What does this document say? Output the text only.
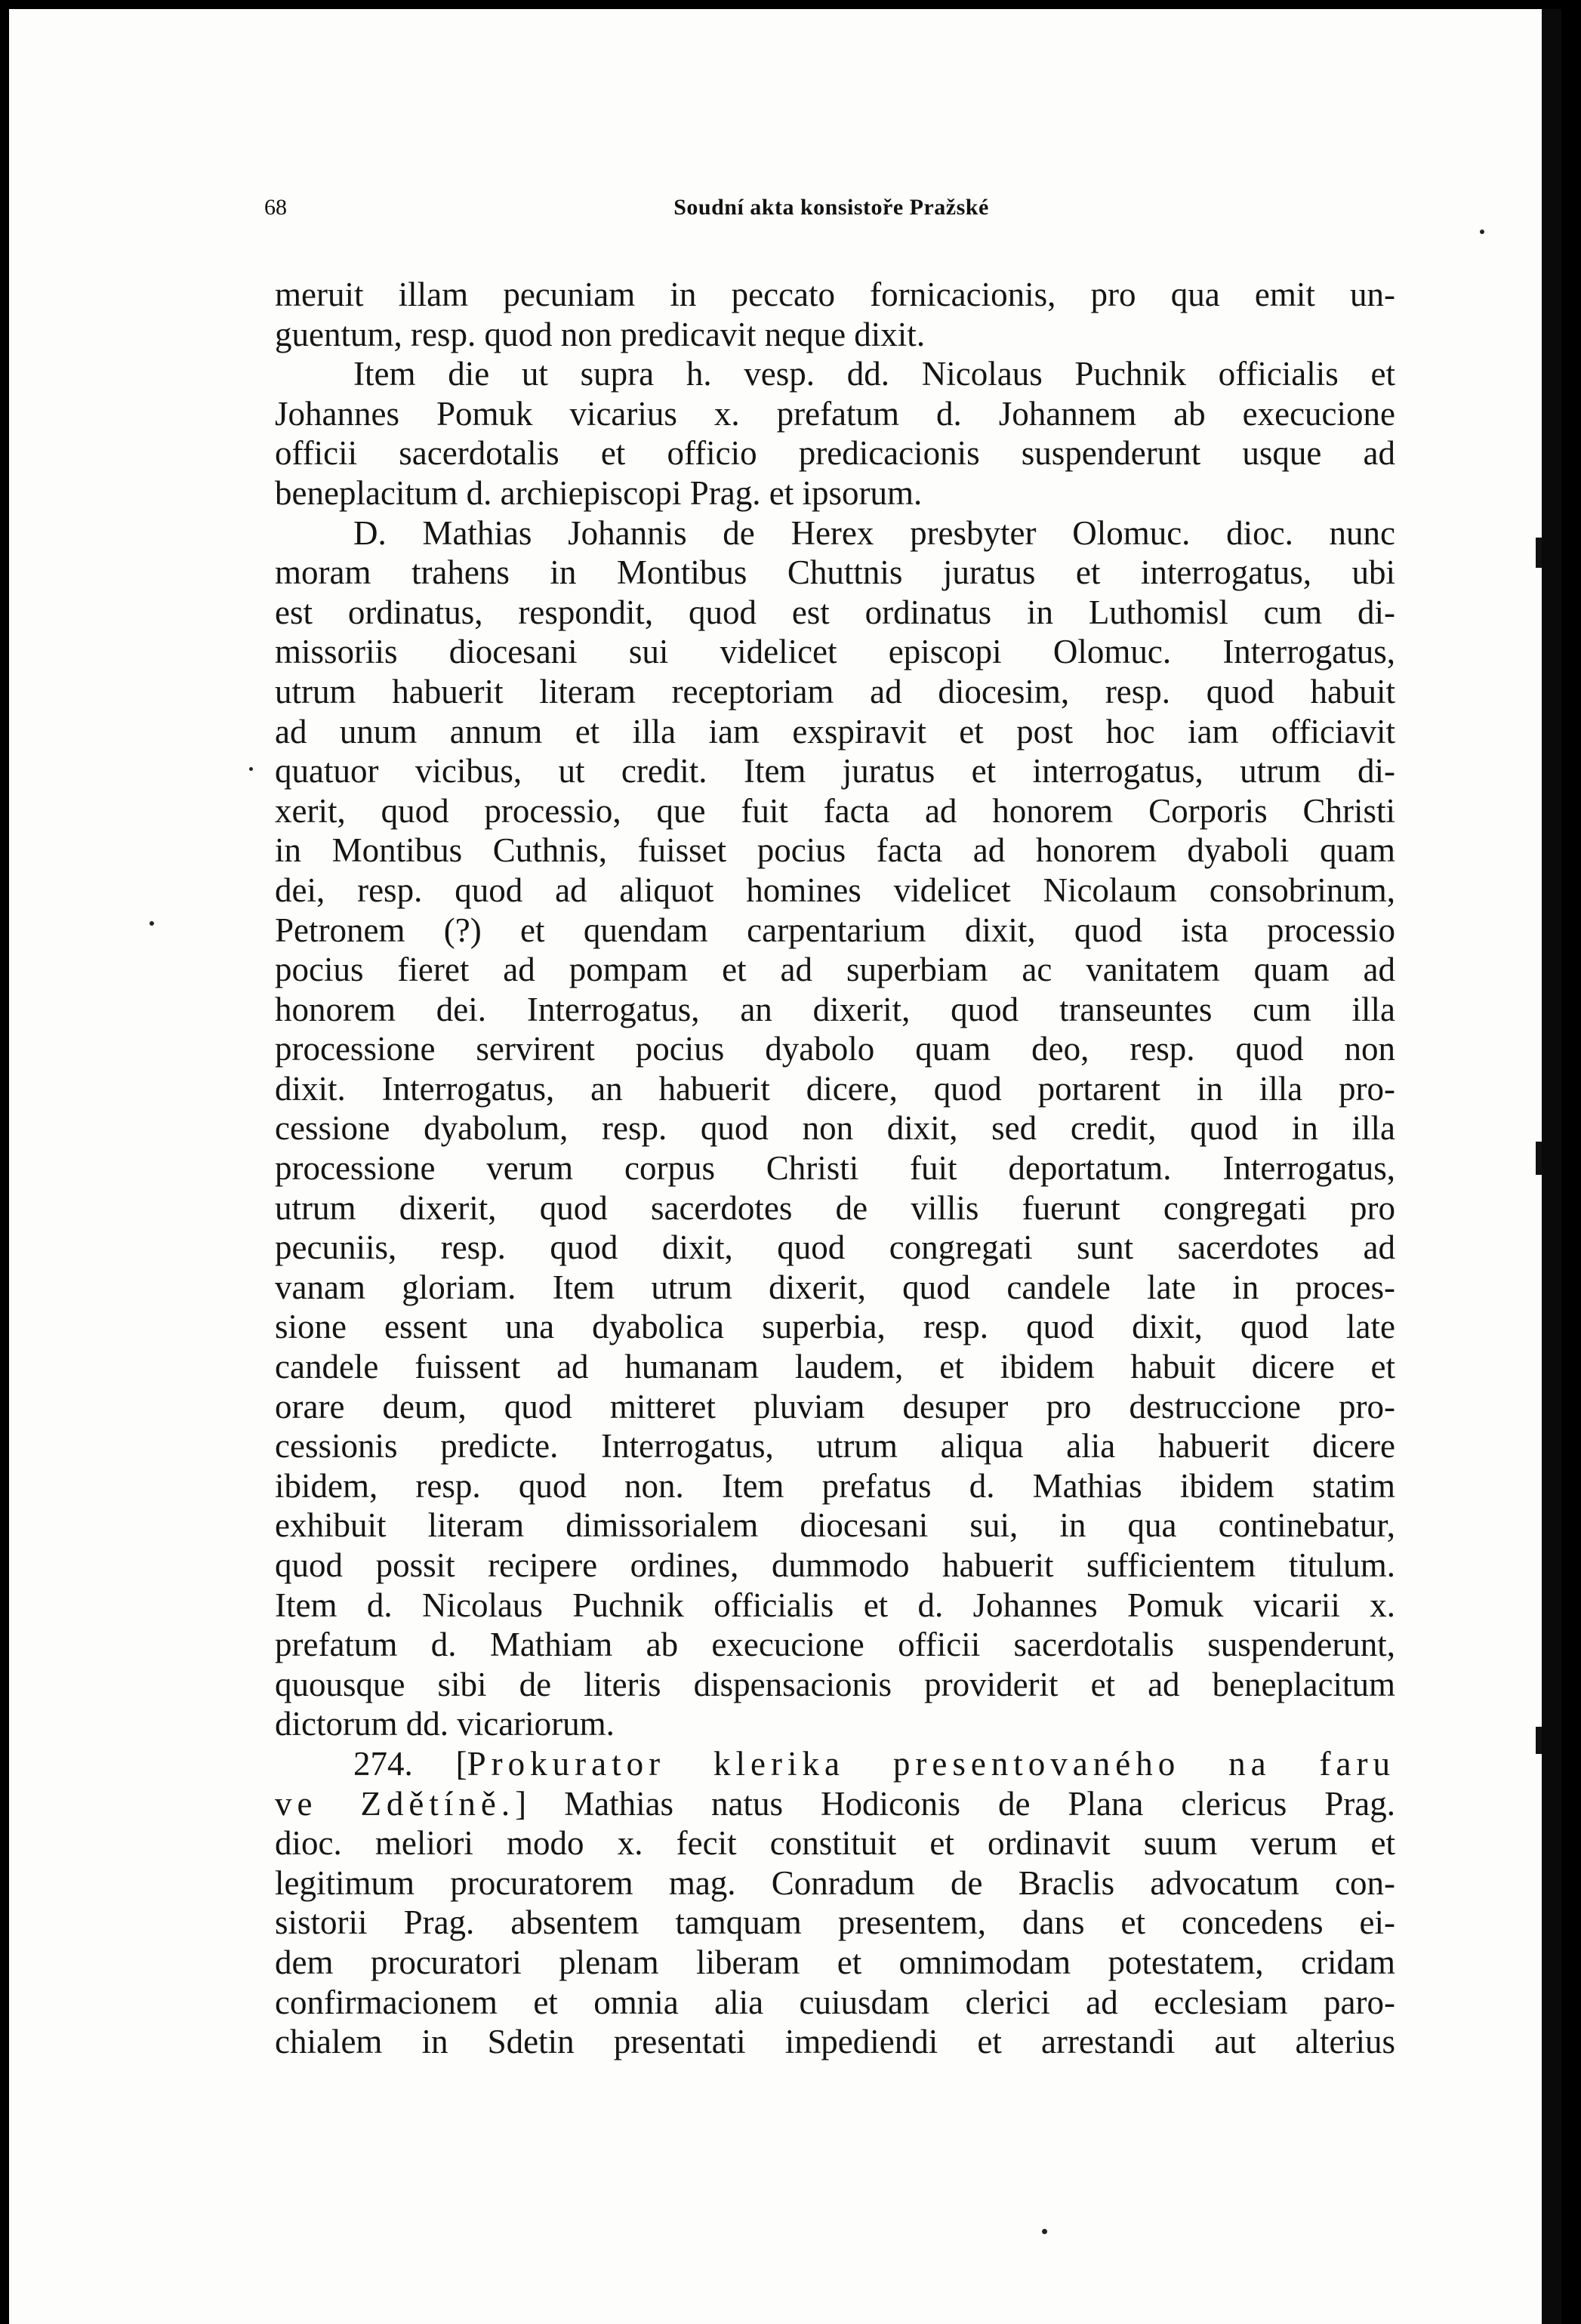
68	Soudní akta konsistoře Pražské
meruit illam pecuniam in peccato fornicacionis, pro qua emit un-
guentum, resp. quod non predicavit neque dixit.
Item die ut supra h. vesp. dd. Nicolaus Puchnik officialis et
Johannes Pomuk vicarius x. prefatum d. Johannem ab execucione
officii sacerdotalis et officio predicacionis suspenderunt usque ad
beneplacitum d. archiepiscopi Prag. et ipsorum.
D. Mathias Johannis de Herex presbyter Olomuc. dioc. nunc
moram trahens in Montibus Chuttnis juratus et interrogatus, ubi
est ordinatus, respondit, quod est ordinatus in Luthomisl cum di-
missoriis diocesani sui videlicet episcopi Olomuc. Interrogatus,
utrum habuerit literam receptoriam ad diocesim, resp. quod habuit
ad unum annum et illa iam exspiravit et post hoc iam officiavit
quatuor vicibus, ut credit. Item juratus et interrogatus, utrum di-
xerit, quod processio, que fuit facta ad honorem Corporis Christi
in Montibus Cuthnis, fuisset pocius facta ad honorem dyaboli quam
dei, resp. quod ad aliquot homines videlicet Nicolaum consobrinum,
Petronem (?) et quendam carpentarium dixit, quod ista processio
pocius fieret ad pompam et ad superbiam ac vanitatem quam ad
honorem dei. Interrogatus, an dixerit, quod transeuntes cum illa
processione servirent pocius dyabolo quam deo, resp. quod non
dixit. Interrogatus, an habuerit dicere, quod portarent in illa pro-
cessione dyabolum, resp. quod non dixit, sed credit, quod in illa
processione verum corpus Christi fuit deportatum. Interrogatus,
utrum dixerit, quod sacerdotes de villis fuerunt congregati pro
pecuniis, resp. quod dixit, quod congregati sunt sacerdotes ad
vanam gloriam. Item utrum dixerit, quod candele late in proces-
sione essent una dyabolica superbia, resp. quod dixit, quod late
candele fuissent ad humanam laudem, et ibidem habuit dicere et
orare deum, quod mitteret pluviam desuper pro destruccione pro-
cessionis predicte. Interrogatus, utrum aliqua alia habuerit dicere
ibidem, resp. quod non. Item prefatus d. Mathias ibidem statim
exhibuit literam dimissorialem diocesani sui, in qua continebatur,
quod possit recipere ordines, dummodo habuerit sufficientem titulum.
Item d. Nicolaus Puchnik officialis et d. Johannes Pomuk vicarii x.
prefatum d. Mathiam ab execucione officii sacerdotalis suspenderunt,
quousque sibi de literis dispensacionis providerit et ad beneplacitum
dictorum dd. vicariorum.
274. [Prokurator klerika presentovaného na faru
ve Zdětíně.] Mathias natus Hodiconis de Plana clericus Prag.
dioc. meliori modo x. fecit constituit et ordinavit suum verum et
legitimum procuratorem mag. Conradum de Braclis advocatum con-
sistorii Prag. absentem tamquam presentem, dans et concedens ei-
dem procuratori plenam liberam et omnimodam potestatem, cridam
confirmacionem et omnia alia cuiusdam clerici ad ecclesiam paro-
chialem in Sdetin presentati impediendi et arrestandi aut alterius
